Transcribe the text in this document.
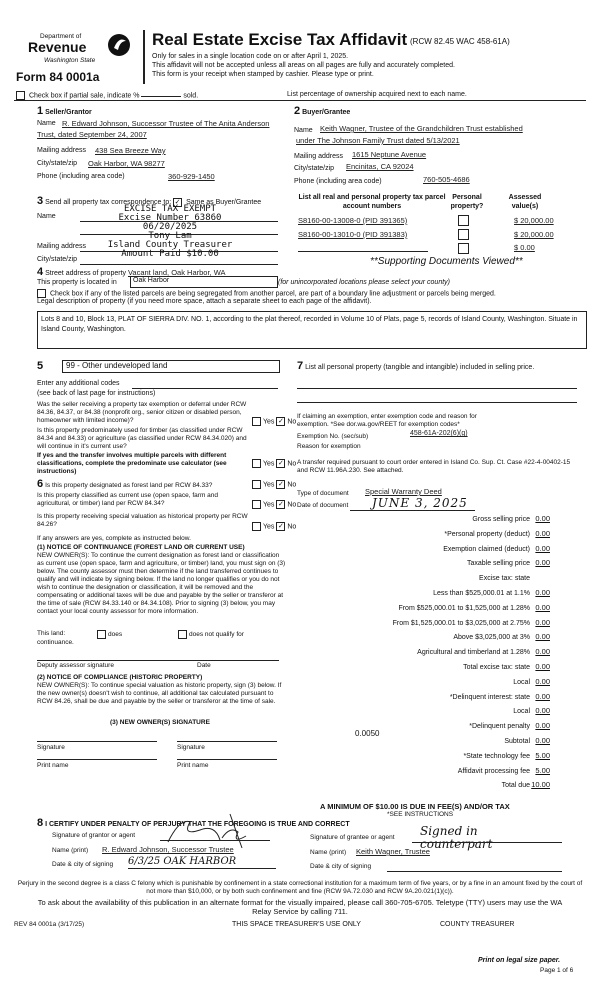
Department of
Revenue
Washington State
Form 84 0001a
Real Estate Excise Tax Affidavit (RCW 82.45 WAC 458-61A)
Only for sales in a single location code on or after April 1, 2025.
This affidavit will not be accepted unless all areas on all pages are fully and accurately completed.
This form is your receipt when stamped by cashier. Please type or print.
Check box if partial sale, indicate %	sold.	List percentage of ownership acquired next to each name.
1 Seller/Grantor
Name R. Edward Johnson, Successor Trustee of The Anita Anderson
Trust, dated September 24, 2007
Mailing address 438 Sea Breeze Way
City/state/zip Oak Harbor, WA 98277
Phone (including area code)	360-929-1450
2 Buyer/Grantee
Name Keith Wagner, Trustee of the Grandchildren Trust established
under The Johnson Family Trust dated 5/13/2021
Mailing address 1615 Neptune Avenue
City/state/zip Encinitas, CA 92024
Phone (including area code)	760-505-4686
3 Send all property tax correspondence to: ✓ Same as Buyer/Grantee
Name
Mailing address
City/state/zip
EXCISE TAX EXEMPT
Excise Number 63860
06/20/2025
Tony Lam
Island County Treasurer
Amount Paid $10.00
List all real and personal property tax parcel account numbers
Personal property?
Assessed value(s)
S8160-00-13008-0 (PID 391365)	$ 20,000.00
S8160-00-13010-0 (PID 391383)	$ 20,000.00
$ 0.00
**Supporting Documents Viewed**
4 Street address of property Vacant land, Oak Harbor, WA
This property is located in	Oak Harbor	(for unincorporated locations please select your county)
Check box if any of the listed parcels are being segregated from another parcel, are part of a boundary line adjustment or parcels being merged.
Legal description of property (if you need more space, attach a separate sheet to each page of the affidavit).
Lots 8 and 10, Block 13, PLAT OF SIERRA DIV. NO. 1, according to the plat thereof, recorded in Volume 10 of Plats, page 5, records of Island County, Washington. Situate in Island County, Washington.
5	99 - Other undeveloped land
Enter any additional codes
(see back of last page for instructions)
Was the seller receiving a property tax exemption or deferral under RCW 84.36, 84.37, or 84.38 (nonprofit org., senior citizen or disabled person, homeowner with limited income)?	Yes ✓ No
Is this property predominately used for timber (as classified under RCW 84.34 and 84.33) or agriculture (as classified under RCW 84.34.020) and will continue in it's current use?
If yes and the transfer involves multiple parcels with different classifications, complete the predominate use calculator (see instructions)
Yes ✓ No
6 Is this property designated as forest land per RCW 84.33?	Yes ✓ No
Is this property classified as current use (open space, farm and agricultural, or timber) land per RCW 84.34?	Yes ✓ No
Is this property receiving special valuation as historical property per RCW 84.26?	Yes ✓ No
If any answers are yes, complete as instructed below.
(1) NOTICE OF CONTINUANCE (FOREST LAND OR CURRENT USE)
NEW OWNER(S): To continue the current designation as forest land or classification as current use (open space, farm and agriculture, or timber) land, you must sign on (3) below. The county assessor must then determine if the land transferred continues to qualify and will indicate by signing below. If the land no longer qualifies or you do not wish to continue the designation or classification, it will be removed and the compensating or additional taxes will be due and payable by the seller or transferor at the time of sale (RCW 84.33.140 or 84.34.108). Prior to signing (3) below, you may contact your local county assessor for more information.
This land:	does	does not qualify for
continuance.
Deputy assessor signature	Date
(2) NOTICE OF COMPLIANCE (HISTORIC PROPERTY)
NEW OWNER(S): To continue special valuation as historic property, sign (3) below. If the new owner(s) doesn't wish to continue, all additional tax calculated pursuant to RCW 84.26, shall be due and payable by the seller or transferor at the time of sale.
(3) NEW OWNER(S) SIGNATURE
Signature	Signature
Print name	Print name
7 List all personal property (tangible and intangible) included in selling price.
If claiming an exemption, enter exemption code and reason for exemption. *See dor.wa.gov/REET for exemption codes*
Exemption No. (sec/sub)	458-61A-202(6)(g)
Reason for exemption
A transfer required pursuant to court order entered in Island Co. Sup. Ct. Case #22-4-00402-15 and RCW 11.96A.230. See attached.
Type of document Special Warranty Deed
Date of document JUNE 3, 2025
Gross selling price 0.00
*Personal property (deduct) 0.00
Exemption claimed (deduct) 0.00
Taxable selling price 0.00
Excise tax: state
Less than $525,000.01 at 1.1% 0.00
From $525,000.01 to $1,525,000 at 1.28% 0.00
From $1,525,000.01 to $3,025,000 at 2.75% 0.00
Above $3,025,000 at 3% 0.00
Agricultural and timberland at 1.28% 0.00
Total excise tax: state 0.00
Local 0.00
*Delinquent interest: state 0.00
Local 0.00
*Delinquent penalty 0.00
Subtotal 0.00
*State technology fee 5.00
Affidavit processing fee 5.00
Total due 10.00
0.0050
A MINIMUM OF $10.00 IS DUE IN FEE(S) AND/OR TAX
*SEE INSTRUCTIONS
8 I CERTIFY UNDER PENALTY OF PERJURY THAT THE FOREGOING IS TRUE AND CORRECT
Signature of grantor or agent
Name (print) R. Edward Johnson, Successor Trustee
Date & city of signing 6/3/25 OAK HARBOR
Signature of grantee or agent Signed in counterpart
Name (print) Keith Wagner, Trustee
Date & city of signing
Perjury in the second degree is a class C felony which is punishable by confinement in a state correctional institution for a maximum term of five years, or by a fine in an amount fixed by the court of not more than $10,000, or by both such confinement and fine (RCW 9A.72.030 and RCW 9A.20.021(1)(c)).
To ask about the availability of this publication in an alternate format for the visually impaired, please call 360-705-6705. Teletype (TTY) users may use the WA Relay Service by calling 711.
REV 84 0001a (3/17/25)	THIS SPACE TREASURER'S USE ONLY	COUNTY TREASURER
Print on legal size paper.
Page 1 of 6
